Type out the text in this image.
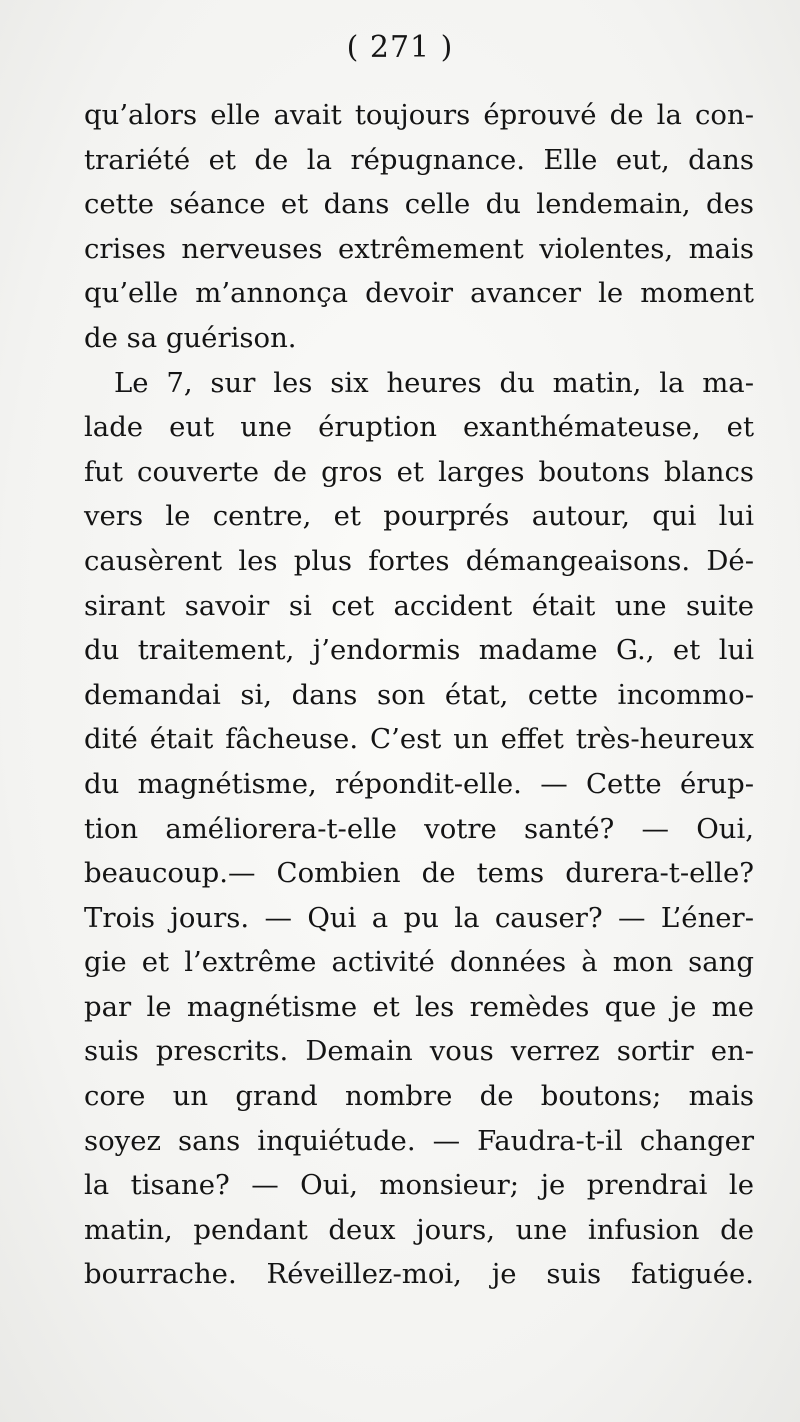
( 271 )
qu’alors elle avait toujours éprouvé de la con-
trariété et de la répugnance. Elle eut, dans
cette séance et dans celle du lendemain, des
crises nerveuses extrêmement violentes, mais
qu’elle m’annonça devoir avancer le moment
de sa guérison.
Le 7, sur les six heures du matin, la ma-
lade eut une éruption exanthémateuse, et
fut couverte de gros et larges boutons blancs
vers le centre, et pourprés autour, qui lui
causèrent les plus fortes démangeaisons. Dé-
sirant savoir si cet accident était une suite
du traitement, j’endormis madame G., et lui
demandai si, dans son état, cette incommo-
dité était fâcheuse. C’est un effet très-heureux
du magnétisme, répondit-elle. — Cette érup-
tion améliorera-t-elle votre santé? — Oui,
beaucoup.— Combien de tems durera-t-elle?
Trois jours. — Qui a pu la causer? — L’éner-
gie et l’extrême activité données à mon sang
par le magnétisme et les remèdes que je me
suis prescrits. Demain vous verrez sortir en-
core un grand nombre de boutons; mais
soyez sans inquiétude. — Faudra-t-il changer
la tisane? — Oui, monsieur; je prendrai le
matin, pendant deux jours, une infusion de
bourrache. Réveillez-moi, je suis fatiguée.
